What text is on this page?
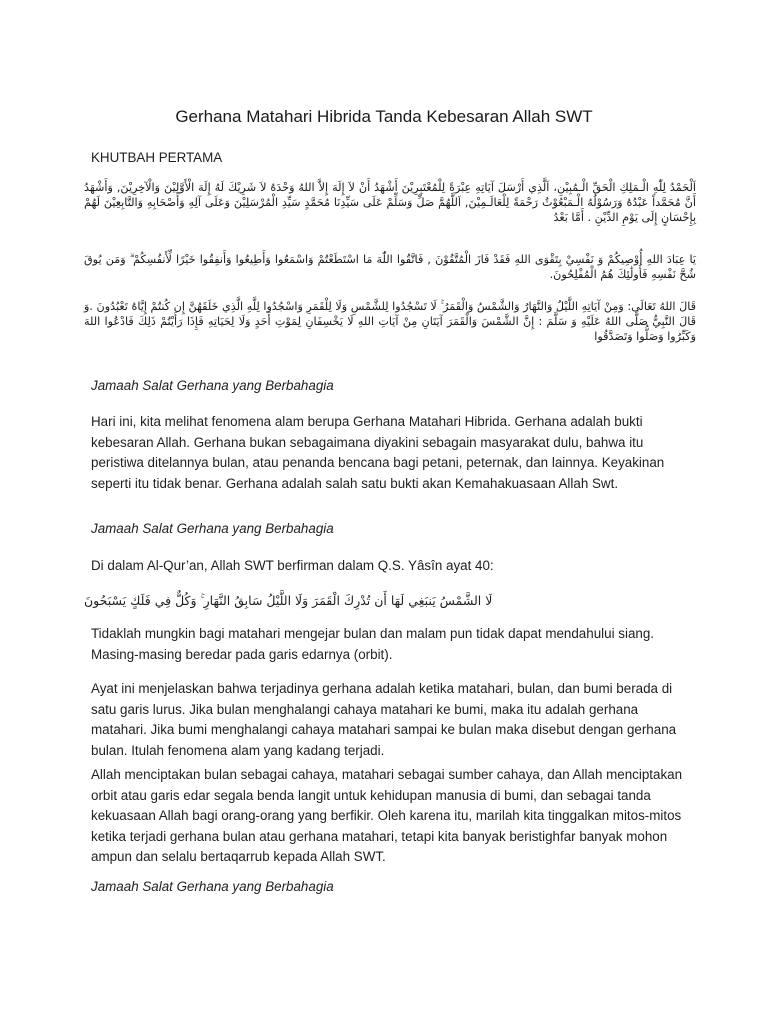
Gerhana Matahari Hibrida Tanda Kebesaran Allah SWT

KHUTBAH PERTAMA

اَلْحَمْدُ لِلّٰهِ الْـمَلِكِ الْحَقِّ الْـمُبِيْنِ، اَلَّذِي أَرْسَلَ آيَاتِهِ عِبْرَةً لِلْمُعْتَبِرِيْنَ أَشْهَدُ أَنْ لاَ إِلَهَ إِلاَّ اللهُ وَحْدَهُ لاَ شَرِيْكَ لَهُ إِلَهَ الْأَوَّلِيْنَ وَالْآخِرِيْنَ, وَأَشْهَدُ أَنَّ مُحَمَّداً عَبْدُهُ وَرَسُوْلُهُ الْـمَبْعُوْثُ رَحْمَةً لِلْعَالَـمِيْنَ, اَللَّهُمَّ صَلِّ وَسَلِّمْ عَلَى سَيِّدِنَا مُحَمَّدٍ سَيِّدِ الْمُرْسَلِيْنَ وَعَلَى آلِهِ وَأَصْحَابِهِ وَالتَّابِعِيْنَ لَهُمْ بِإِحْسَانٍ إِلَى يَوْمِ الدِّيْنِ . أَمَّا بَعْدُ

يَا عِبَادَ اللهِ أُوْصِيكُمْ وَ نَفْسِيْ بِتَقْوَى اللهِ فَقَدْ فَازَ الْمُتَّقُوْنَ , فَاتَّقُوا اللّٰهَ مَا اسْتَطَعْتُمْ وَاسْمَعُوا وَأَطِيعُوا وَأَنفِقُوا خَيْرًا لِّأَنفُسِكُمْ ۗ وَمَن يُوقَ شُحَّ نَفْسِهِ فَأُولَٰئِكَ هُمُ الْمُفْلِحُونَ.

قَالَ اللهُ تَعَالَى: وَمِنْ آيَاتِهِ اللَّيْلُ وَالنَّهَارُ وَالشَّمْسُ وَالْقَمَرُ ۚ لَا تَسْجُدُوا لِلشَّمْسِ وَلَا لِلْقَمَرِ وَاسْجُدُوا لِلَّهِ الَّذِي خَلَقَهُنَّ إِن كُنتُمْ إِيَّاهُ تَعْبُدُونَ .وَ قَالَ النَّبِيُّ صَلَّى اللهُ عَلَيْهِ وَ سَلَّمَ : إِنَّ الشَّمْسَ وَالْقَمَرَ آيَتَانِ مِنْ آيَاتِ اللهِ لَا يَخْسِفَانِ لِمَوْتِ أَحَدٍ وَلَا لِحَيَاتِهِ فَإِذَا رَأَيْتُمْ ذَلِكَ فَادْعُوا اللهَ وَكَبِّرُوا وَصَلُّوا وَتَصَدَّقُوا

Jamaah Salat Gerhana yang Berbahagia

Hari ini, kita melihat fenomena alam berupa Gerhana Matahari Hibrida. Gerhana adalah bukti kebesaran Allah. Gerhana bukan sebagaimana diyakini sebagain masyarakat dulu, bahwa itu peristiwa ditelannya bulan, atau penanda bencana bagi petani, peternak, dan lainnya. Keyakinan seperti itu tidak benar. Gerhana adalah salah satu bukti akan Kemahakuasaan Allah Swt.

Jamaah Salat Gerhana yang Berbahagia

Di dalam Al-Qur’an, Allah SWT berfirman dalam Q.S. Yâsîn ayat 40:

لَا الشَّمْسُ يَنبَغِي لَهَا أَن تُدْرِكَ الْقَمَرَ وَلَا اللَّيْلُ سَابِقُ النَّهَارِ ۚ وَكُلٌّ فِي فَلَكٍ يَسْبَحُونَ

Tidaklah mungkin bagi matahari mengejar bulan dan malam pun tidak dapat mendahului siang. Masing-masing beredar pada garis edarnya (orbit).

Ayat ini menjelaskan bahwa terjadinya gerhana adalah ketika matahari, bulan, dan bumi berada di satu garis lurus. Jika bulan menghalangi cahaya matahari ke bumi, maka itu adalah gerhana matahari. Jika bumi menghalangi cahaya matahari sampai ke bulan maka disebut dengan gerhana bulan. Itulah fenomena alam yang kadang terjadi.

Allah menciptakan bulan sebagai cahaya, matahari sebagai sumber cahaya, dan Allah menciptakan orbit atau garis edar segala benda langit untuk kehidupan manusia di bumi, dan sebagai tanda kekuasaan Allah bagi orang-orang yang berfikir. Oleh karena itu, marilah kita tinggalkan mitos-mitos ketika terjadi gerhana bulan atau gerhana matahari, tetapi kita banyak beristighfar banyak mohon ampun dan selalu bertaqarrub kepada Allah SWT.

Jamaah Salat Gerhana yang Berbahagia
